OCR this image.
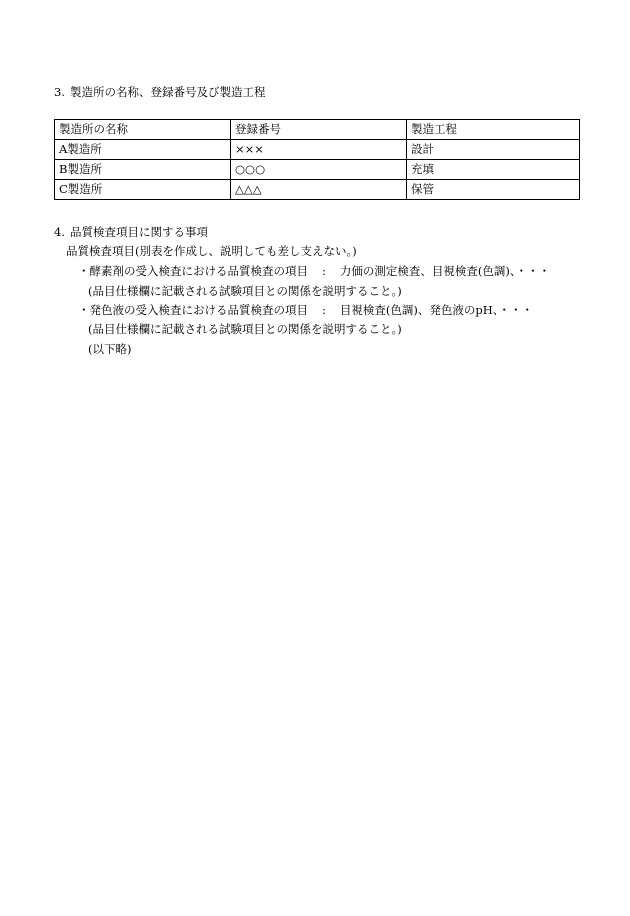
3. 製造所の名称、登録番号及び製造工程
製造所の名称	登録番号	製造工程
A製造所	×××	設計
B製造所	○○○	充填
C製造所	△△△	保管
4. 品質検査項目に関する事項
品質検査項目(別表を作成し、説明しても差し支えない。)
・酵素剤の受入検査における品質検査の項目 : 力価の測定検査、目視検査(色調)、・・・
(品目仕様欄に記載される試験項目との関係を説明すること。)
・発色液の受入検査における品質検査の項目 : 目視検査(色調)、発色液のpH、・・・
(品目仕様欄に記載される試験項目との関係を説明すること。)
(以下略)
